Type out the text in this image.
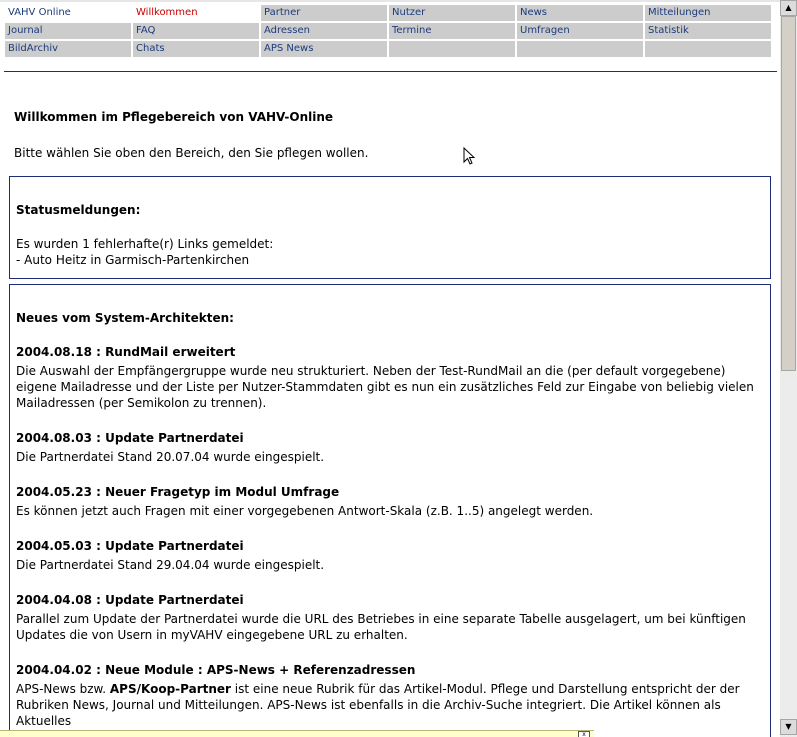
VAHV Online	Willkommen	Partner	Nutzer	News	Mitteilungen
Journal	FAQ	Adressen	Termine	Umfragen	Statistik
BildArchiv	Chats	APS News
Willkommen im Pflegebereich von VAHV-Online
Bitte wählen Sie oben den Bereich, den Sie pflegen wollen.
Statusmeldungen:
Es wurden 1 fehlerhafte(r) Links gemeldet:
- Auto Heitz in Garmisch-Partenkirchen
Neues vom System-Architekten:
2004.08.18 : RundMail erweitert
Die Auswahl der Empfängergruppe wurde neu strukturiert. Neben der Test-RundMail an die (per default vorgegebene) eigene Mailadresse und der Liste per Nutzer-Stammdaten gibt es nun ein zusätzliches Feld zur Eingabe von beliebig vielen Mailadressen (per Semikolon zu trennen).
2004.08.03 : Update Partnerdatei
Die Partnerdatei Stand 20.07.04 wurde eingespielt.
2004.05.23 : Neuer Fragetyp im Modul Umfrage
Es können jetzt auch Fragen mit einer vorgegebenen Antwort-Skala (z.B. 1..5) angelegt werden.
2004.05.03 : Update Partnerdatei
Die Partnerdatei Stand 29.04.04 wurde eingespielt.
2004.04.08 : Update Partnerdatei
Parallel zum Update der Partnerdatei wurde die URL des Betriebes in eine separate Tabelle ausgelagert, um bei künftigen Updates die von Usern in myVAHV eingegebene URL zu erhalten.
2004.04.02 : Neue Module : APS-News + Referenzadressen
APS-News bzw. APS/Koop-Partner ist eine neue Rubrik für das Artikel-Modul. Pflege und Darstellung entspricht der der Rubriken News, Journal und Mitteilungen. APS-News ist ebenfalls in die Archiv-Suche integriert. Die Artikel können als Aktuelles
▲
▼
x
